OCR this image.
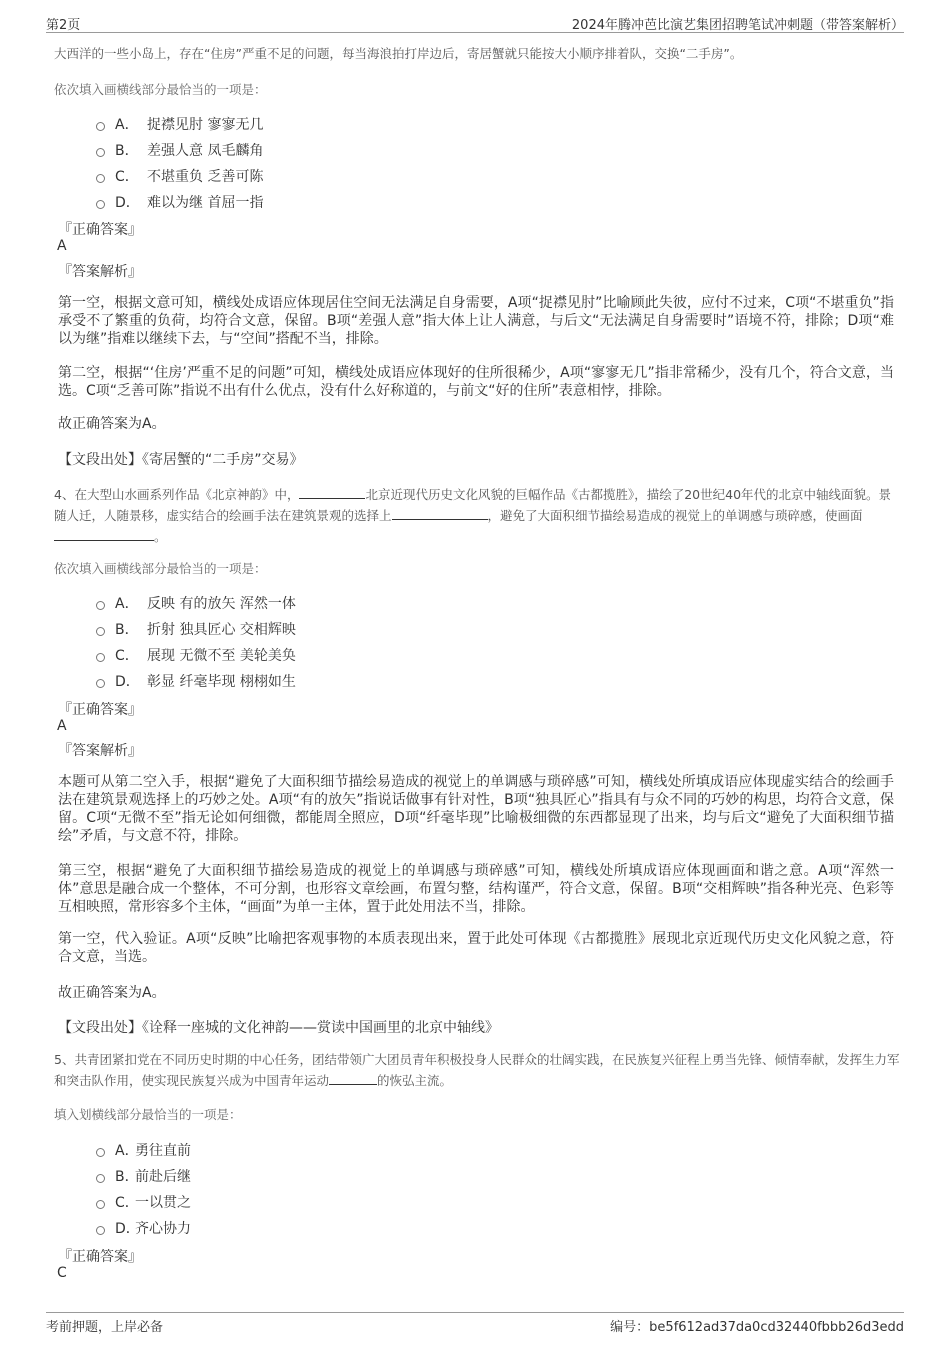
第2页	2024年腾冲芭比演艺集团招聘笔试冲刺题（带答案解析）
大西洋的一些小岛上，存在“住房”严重不足的问题，每当海浪拍打岸边后，寄居蟹就只能按大小顺序排着队，交换“二手房”。
依次填入画横线部分最恰当的一项是：
A． 捉襟见肘 寥寥无几
B． 差强人意 凤毛麟角
C． 不堪重负 乏善可陈
D． 难以为继 首屈一指
『正确答案』
A
『答案解析』
第一空，根据文意可知，横线处成语应体现居住空间无法满足自身需要，A项“捉襟见肘”比喻顾此失彼，应付不过来，C项“不堪重负”指承受不了繁重的负荷，均符合文意，保留。B项“差强人意”指大体上让人满意，与后文“无法满足自身需要时”语境不符，排除；D项“难以为继”指难以继续下去，与“空间”搭配不当，排除。
第二空，根据“‘住房’严重不足的问题”可知，横线处成语应体现好的住所很稀少，A项“寥寥无几”指非常稀少，没有几个，符合文意，当选。C项“乏善可陈”指说不出有什么优点，没有什么好称道的，与前文“好的住所”表意相悖，排除。
故正确答案为A。
【文段出处】《寄居蟹的“二手房”交易》
4、在大型山水画系列作品《北京神韵》中，	北京近现代历史文化风貌的巨幅作品《古都揽胜》，描绘了20世纪40年代的北京中轴线面貌。景随人迁，人随景移，虚实结合的绘画手法在建筑景观的选择上	，避免了大面积细节描绘易造成的视觉上的单调感与琐碎感，使画面。
依次填入画横线部分最恰当的一项是：
A． 反映 有的放矢 浑然一体
B． 折射 独具匠心 交相辉映
C． 展现 无微不至 美轮美奂
D． 彰显 纤毫毕现 栩栩如生
『正确答案』
A
『答案解析』
本题可从第二空入手，根据“避免了大面积细节描绘易造成的视觉上的单调感与琐碎感”可知，横线处所填成语应体现虚实结合的绘画手法在建筑景观选择上的巧妙之处。A项“有的放矢”指说话做事有针对性，B项“独具匠心”指具有与众不同的巧妙的构思，均符合文意，保留。C项“无微不至”指无论如何细微，都能周全照应，D项“纤毫毕现”比喻极细微的东西都显现了出来，均与后文“避免了大面积细节描绘”矛盾，与文意不符，排除。
第三空，根据“避免了大面积细节描绘易造成的视觉上的单调感与琐碎感”可知，横线处所填成语应体现画面和谐之意。A项“浑然一体”意思是融合成一个整体，不可分割，也形容文章绘画，布置匀整，结构谨严，符合文意，保留。B项“交相辉映”指各种光亮、色彩等互相映照，常形容多个主体，“画面”为单一主体，置于此处用法不当，排除。
第一空，代入验证。A项“反映”比喻把客观事物的本质表现出来，置于此处可体现《古都揽胜》展现北京近现代历史文化风貌之意，符合文意，当选。
故正确答案为A。
【文段出处】《诠释一座城的文化神韵——赏读中国画里的北京中轴线》
5、共青团紧扣党在不同历史时期的中心任务，团结带领广大团员青年积极投身人民群众的壮阔实践，在民族复兴征程上勇当先锋、倾情奉献，发挥生力军和突击队作用，使实现民族复兴成为中国青年运动	的恢弘主流。
填入划横线部分最恰当的一项是：
A．
勇往直前
B．
前赴后继
C．
一以贯之
D．
齐心协力
『正确答案』
C
考前押题，上岸必备	编号：be5f612ad37da0cd32440fbbb26d3edd
